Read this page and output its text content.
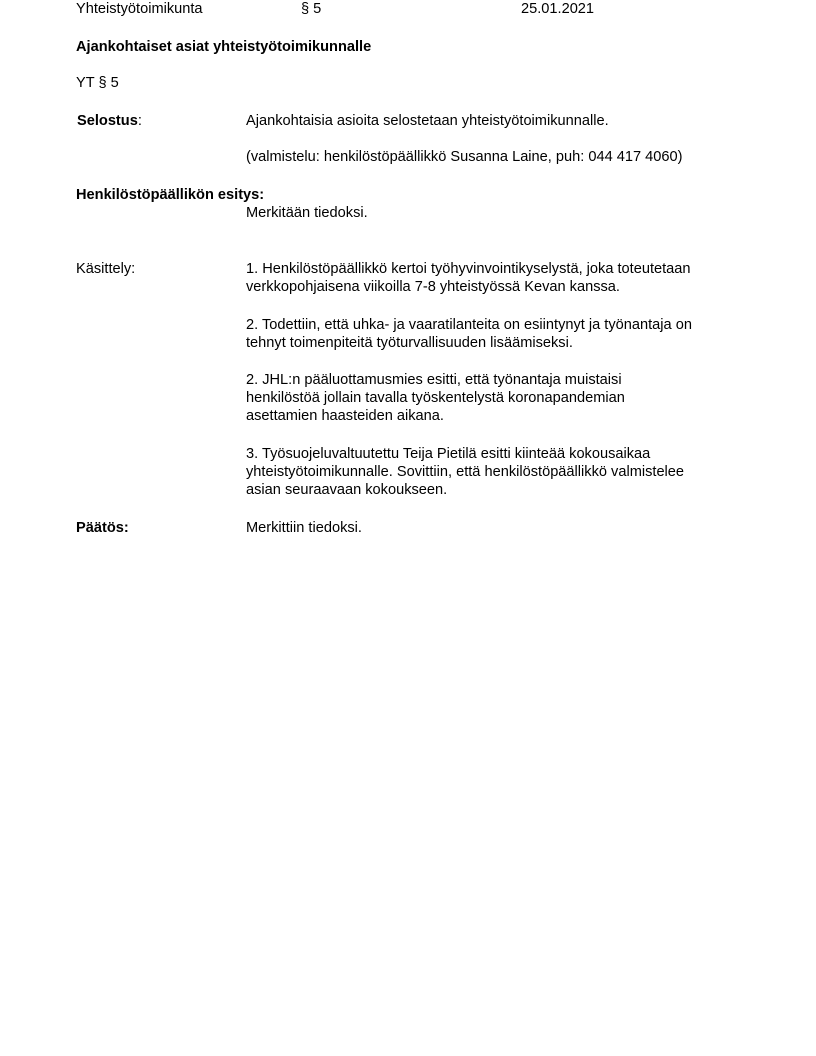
Yhteistyötoimikunta	§ 5	25.01.2021
Ajankohtaiset asiat yhteistyötoimikunnalle
YT § 5
Selostus:	Ajankohtaisia asioita selostetaan yhteistyötoimikunnalle.
(valmistelu: henkilöstöpäällikkö Susanna Laine, puh: 044 417 4060)
Henkilöstöpäällikön esitys:
Merkitään tiedoksi.
Käsittely:	1. Henkilöstöpäällikkö kertoi työhyvinvointikyselystä, joka toteutetaan
verkkopohjaisena viikoilla 7-8 yhteistyössä Kevan kanssa.
2. Todettiin, että uhka- ja vaaratilanteita on esiintynyt ja työnantaja on
tehnyt toimenpiteitä työturvallisuuden lisäämiseksi.
2. JHL:n pääluottamusmies esitti, että työnantaja muistaisi
henkilöstöä jollain tavalla työskentelystä koronapandemian
asettamien haasteiden aikana.
3. Työsuojeluvaltuutettu Teija Pietilä esitti kiinteää kokousaikaa
yhteistyötoimikunnalle. Sovittiin, että henkilöstöpäällikkö valmistelee
asian seuraavaan kokoukseen.
Päätös:	Merkittiin tiedoksi.
